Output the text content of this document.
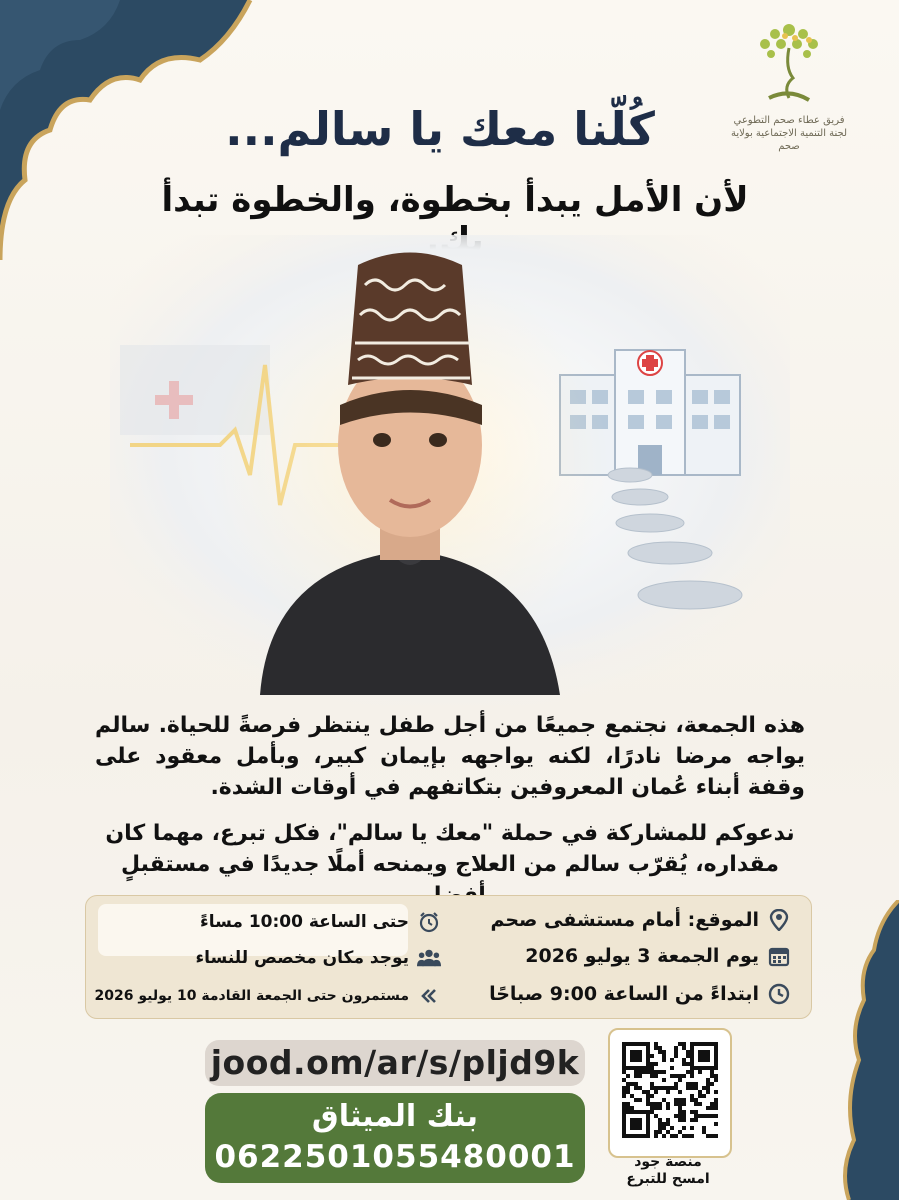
فريق عطاء صحم التطوعي
لجنة التنمية الاجتماعية بولاية صحم
كُلّنا معك يا سالم...
لأن الأمل يبدأ بخطوة، والخطوة تبدأ
هذه الجمعة، نجتمع جميعًا من أجل طفل ينتظر فرصةً للحياة. سالم يواجه مرضا نادرًا، لكنه يواجهه بإيمان كبير، وبأمل معقود على وقفة أبناء عُمان المعروفين بتكاتفهم في أوقات الشدة.
ندعوكم للمشاركة في حملة "معك يا سالم"، فكل تبرع، مهما كان مقداره، يُقرّب سالم من العلاج ويمنحه أملًا جديدًا في مستقبلٍ
الموقع: أمام مستشفى صحم
يوم الجمعة 3 يوليو 2026
ابتداءً من الساعة 9:00 صباحًا
حتى الساعة 10:00 مساءً
يوجد مكان مخصص للنساء
مستمرون حتى الجمعة القادمة 10 يوليو 2026
jood.om/ar/s/pljd9k
بنك الميثاق
0622501055480001	منصة جود
امسح للتبرع
